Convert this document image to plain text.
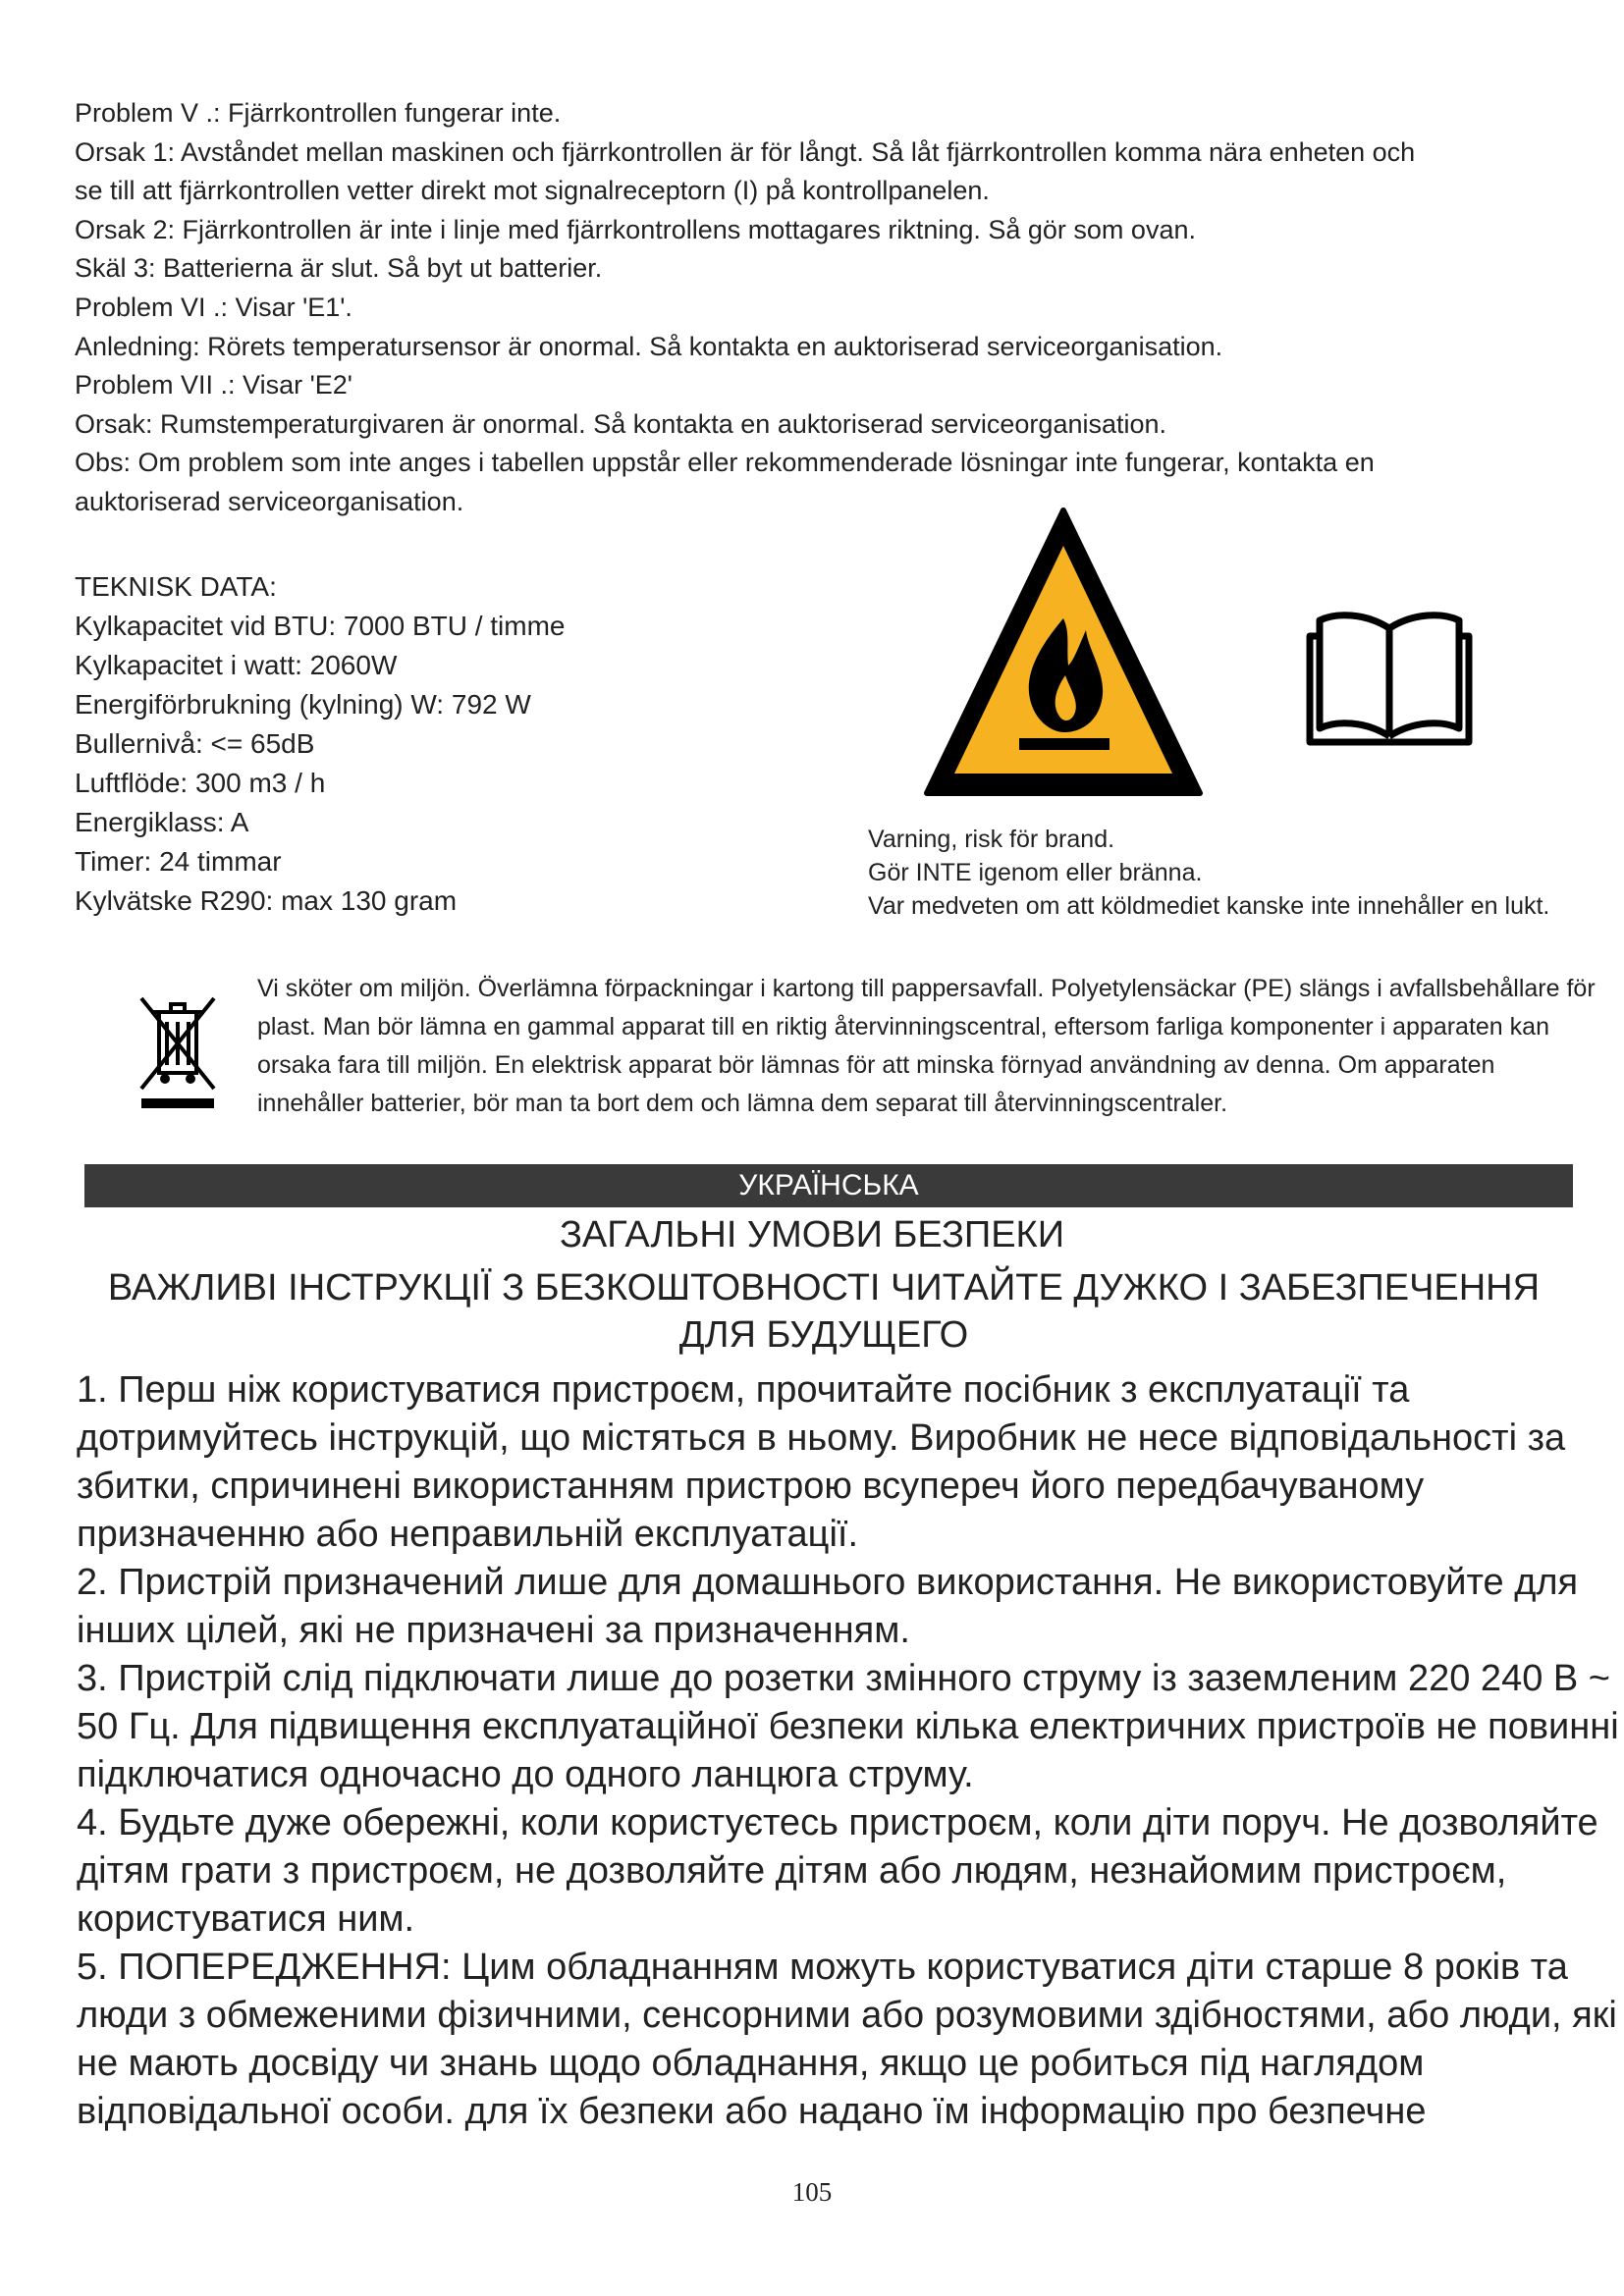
Problem V .: Fjärrkontrollen fungerar inte.
Orsak 1: Avståndet mellan maskinen och fjärrkontrollen är för långt. Så låt fjärrkontrollen komma nära enheten och
se till att fjärrkontrollen vetter direkt mot signalreceptorn (I) på kontrollpanelen.
Orsak 2: Fjärrkontrollen är inte i linje med fjärrkontrollens mottagares riktning. Så gör som ovan.
Skäl 3: Batterierna är slut. Så byt ut batterier.
Problem VI .: Visar 'E1'.
Anledning: Rörets temperatursensor är onormal. Så kontakta en auktoriserad serviceorganisation.
Problem VII .: Visar 'E2'
Orsak: Rumstemperaturgivaren är onormal. Så kontakta en auktoriserad serviceorganisation.
Obs: Om problem som inte anges i tabellen uppstår eller rekommenderade lösningar inte fungerar, kontakta en
auktoriserad serviceorganisation.
TEKNISK DATA:
Kylkapacitet vid BTU: 7000 BTU / timme
Kylkapacitet i watt: 2060W
Energiförbrukning (kylning) W: 792 W
Bullernivå: <= 65dB
Luftflöde: 300 m3 / h
Energiklass: A
Timer: 24 timmar
Kylvätske R290: max 130 gram
Varning, risk för brand.
Gör INTE igenom eller bränna.
Var medveten om att köldmediet kanske inte innehåller en lukt.
Vi sköter om miljön. Överlämna förpackningar i kartong till pappersavfall. Polyetylensäckar (PE) slängs i avfallsbehållare för
plast. Man bör lämna en gammal apparat till en riktig återvinningscentral, eftersom farliga komponenter i apparaten kan
orsaka fara till miljön. En elektrisk apparat bör lämnas för att minska förnyad användning av denna. Om apparaten
innehåller batterier, bör man ta bort dem och lämna dem separat till återvinningscentraler.
УКРАЇНСЬКА
ЗАГАЛЬНІ УМОВИ БЕЗПЕКИ
ВАЖЛИВІ ІНСТРУКЦІЇ З БЕЗКОШТОВНОСТІ ЧИТАЙТЕ ДУЖКО І ЗАБЕЗПЕЧЕННЯ ДЛЯ БУДУЩЕГО
1. Перш ніж користуватися пристроєм, прочитайте посібник з експлуатації та
дотримуйтесь інструкцій, що містяться в ньому. Виробник не несе відповідальності за
збитки, спричинені використанням пристрою всупереч його передбачуваному
призначенню або неправильній експлуатації.
2. Пристрій призначений лише для домашнього використання. Не використовуйте для
інших цілей, які не призначені за призначенням.
3. Пристрій слід підключати лише до розетки змінного струму із заземленим 220 240 В ~
50 Гц. Для підвищення експлуатаційної безпеки кілька електричних пристроїв не повинні
підключатися одночасно до одного ланцюга струму.
4. Будьте дуже обережні, коли користуєтесь пристроєм, коли діти поруч. Не дозволяйте
дітям грати з пристроєм, не дозволяйте дітям або людям, незнайомим пристроєм,
користуватися ним.
5. ПОПЕРЕДЖЕННЯ: Цим обладнанням можуть користуватися діти старше 8 років та
люди з обмеженими фізичними, сенсорними або розумовими здібностями, або люди, які
не мають досвіду чи знань щодо обладнання, якщо це робиться під наглядом
відповідальної особи. для їх безпеки або надано їм інформацію про безпечне
105
